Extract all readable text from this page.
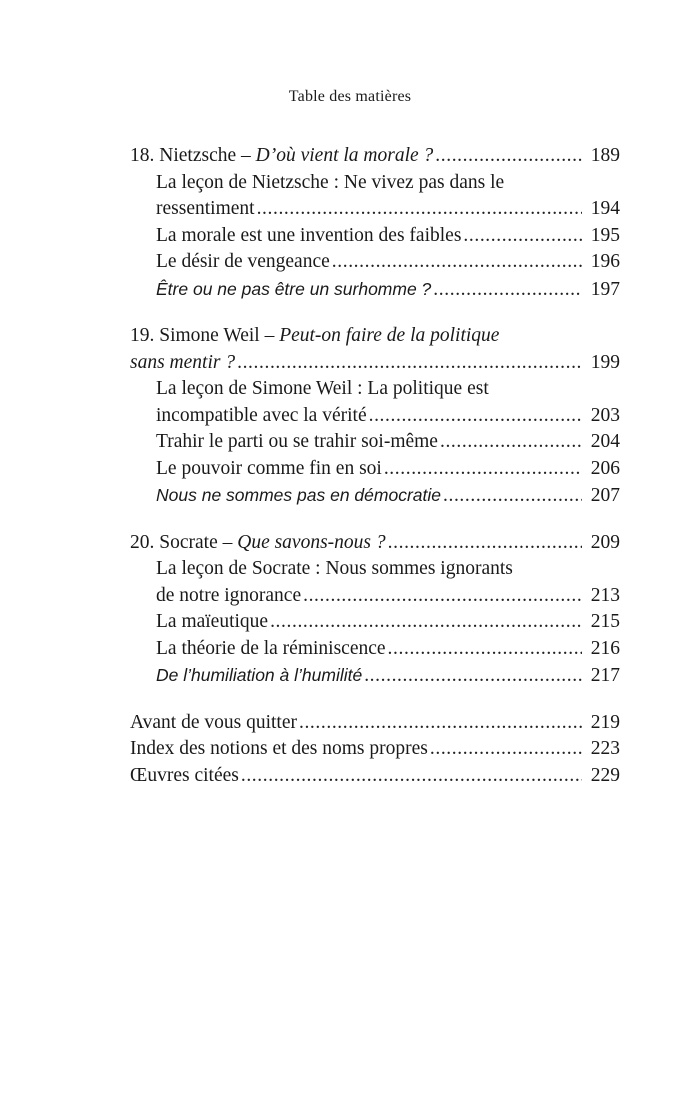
Table des matières
18. Nietzsche – D’où vient la morale ? .....	189
La leçon de Nietzsche : Ne vivez pas dans le
ressentiment .....	194
La morale est une invention des faibles .....	195
Le désir de vengeance .....	196
Être ou ne pas être un surhomme ? .....	197
19. Simone Weil – Peut-on faire de la politique
sans mentir ? .....	199
La leçon de Simone Weil : La politique est
incompatible avec la vérité .....	203
Trahir le parti ou se trahir soi-même .....	204
Le pouvoir comme fin en soi .....	206
Nous ne sommes pas en démocratie .....	207
20. Socrate – Que savons-nous ? .....	209
La leçon de Socrate : Nous sommes ignorants
de notre ignorance .....	213
La maïeutique .....	215
La théorie de la réminiscence .....	216
De l’humiliation à l’humilité .....	217
Avant de vous quitter .....	219
Index des notions et des noms propres .....	223
Œuvres citées .....	229
